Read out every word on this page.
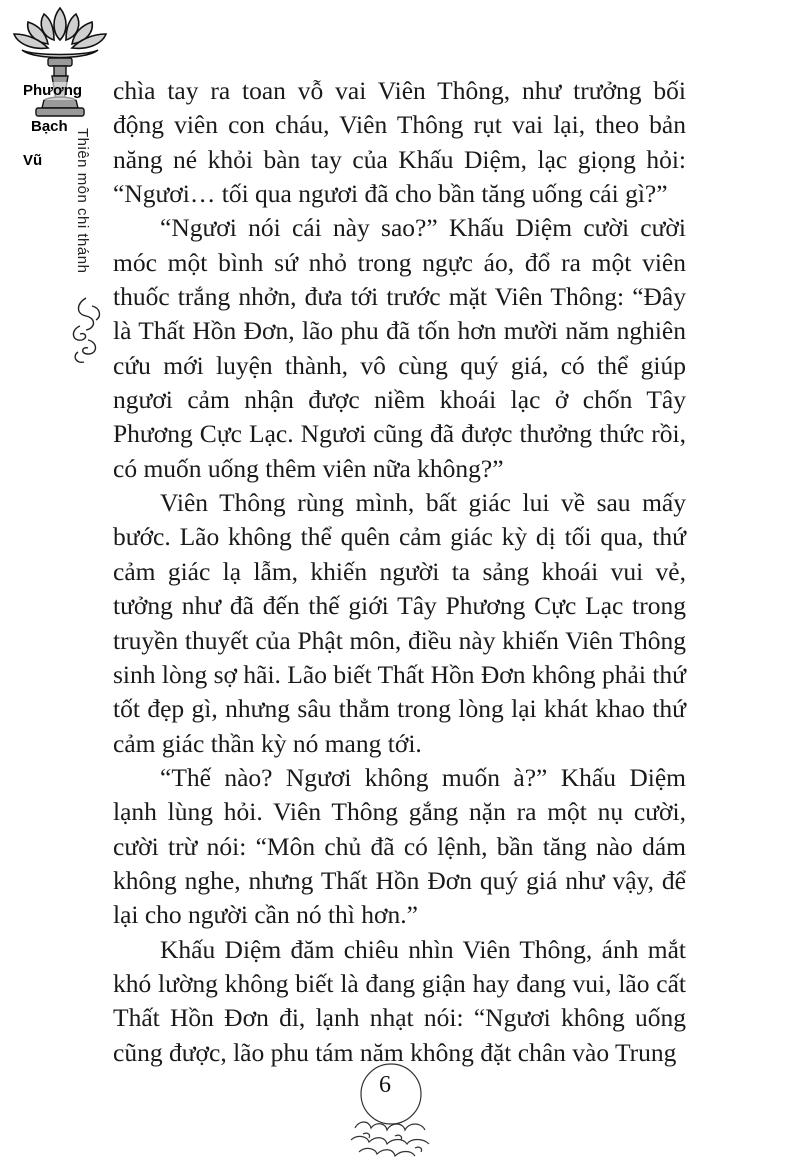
Phương
Bạch
Vũ Thiên môn chi thánh

chìa tay ra toan vỗ vai Viên Thông, như trưởng bối động viên con cháu, Viên Thông rụt vai lại, theo bản năng né khỏi bàn tay của Khấu Diệm, lạc giọng hỏi: “Ngươi… tối qua ngươi đã cho bần tăng uống cái gì?”

“Ngươi nói cái này sao?” Khấu Diệm cười cười móc một bình sứ nhỏ trong ngực áo, đổ ra một viên thuốc trắng nhởn, đưa tới trước mặt Viên Thông: “Đây là Thất Hồn Đơn, lão phu đã tốn hơn mười năm nghiên cứu mới luyện thành, vô cùng quý giá, có thể giúp ngươi cảm nhận được niềm khoái lạc ở chốn Tây Phương Cực Lạc. Ngươi cũng đã được thưởng thức rồi, có muốn uống thêm viên nữa không?”

Viên Thông rùng mình, bất giác lui về sau mấy bước. Lão không thể quên cảm giác kỳ dị tối qua, thứ cảm giác lạ lẫm, khiến người ta sảng khoái vui vẻ, tưởng như đã đến thế giới Tây Phương Cực Lạc trong truyền thuyết của Phật môn, điều này khiến Viên Thông sinh lòng sợ hãi. Lão biết Thất Hồn Đơn không phải thứ tốt đẹp gì, nhưng sâu thẳm trong lòng lại khát khao thứ cảm giác thần kỳ nó mang tới.

“Thế nào? Ngươi không muốn à?” Khấu Diệm lạnh lùng hỏi. Viên Thông gắng nặn ra một nụ cười, cười trừ nói: “Môn chủ đã có lệnh, bần tăng nào dám không nghe, nhưng Thất Hồn Đơn quý giá như vậy, để lại cho người cần nó thì hơn.”

Khấu Diệm đăm chiêu nhìn Viên Thông, ánh mắt khó lường không biết là đang giận hay đang vui, lão cất Thất Hồn Đơn đi, lạnh nhạt nói: “Ngươi không uống cũng được, lão phu tám năm không đặt chân vào Trung

6
